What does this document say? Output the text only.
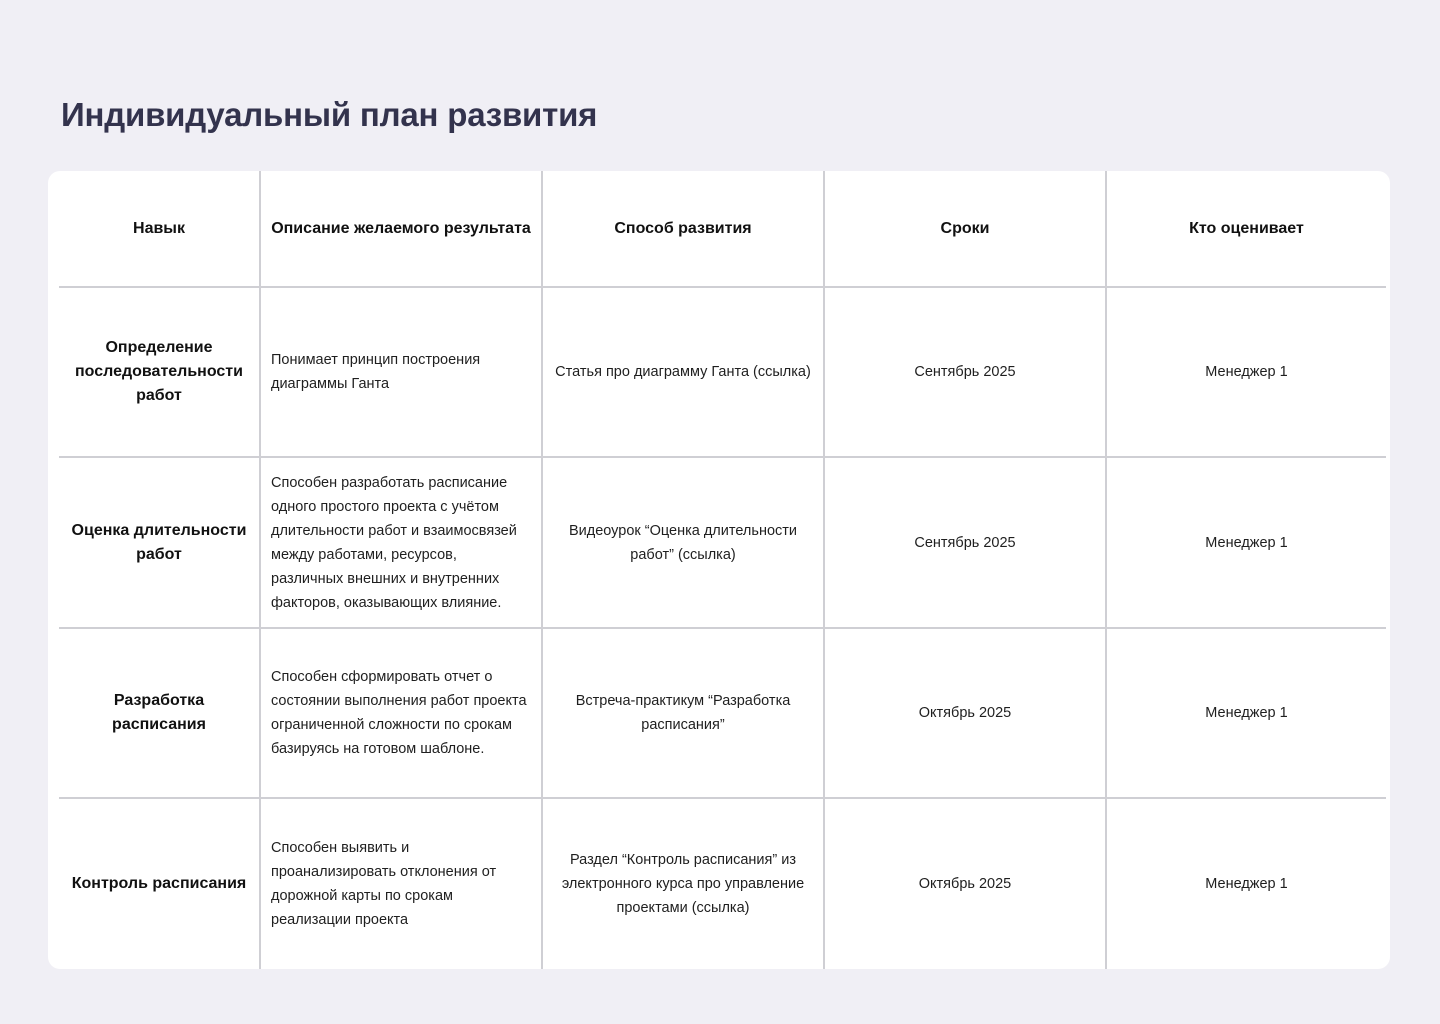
Индивидуальный план развития
Навык	Описание желаемого результата	Способ развития	Сроки	Кто оценивает
Определение последовательности работ	Понимает принцип построения диаграммы Ганта	Статья про диаграмму Ганта (ссылка)	Сентябрь 2025	Менеджер 1
Оценка длительности работ	Способен разработать расписание одного простого проекта с учётом длительности работ и взаимосвязей между работами, ресурсов, различных внешних и внутренних факторов, оказывающих влияние.	Видеоурок “Оценка длительности работ” (ссылка)	Сентябрь 2025	Менеджер 1
Разработка расписания	Способен сформировать отчет о состоянии выполнения работ проекта ограниченной сложности по срокам базируясь на готовом шаблоне.	Встреча-практикум “Разработка расписания”	Октябрь 2025	Менеджер 1
Контроль расписания	Способен выявить и проанализировать отклонения от дорожной карты по срокам реализации проекта	Раздел “Контроль расписания” из электронного курса про управление проектами (ссылка)	Октябрь 2025	Менеджер 1
